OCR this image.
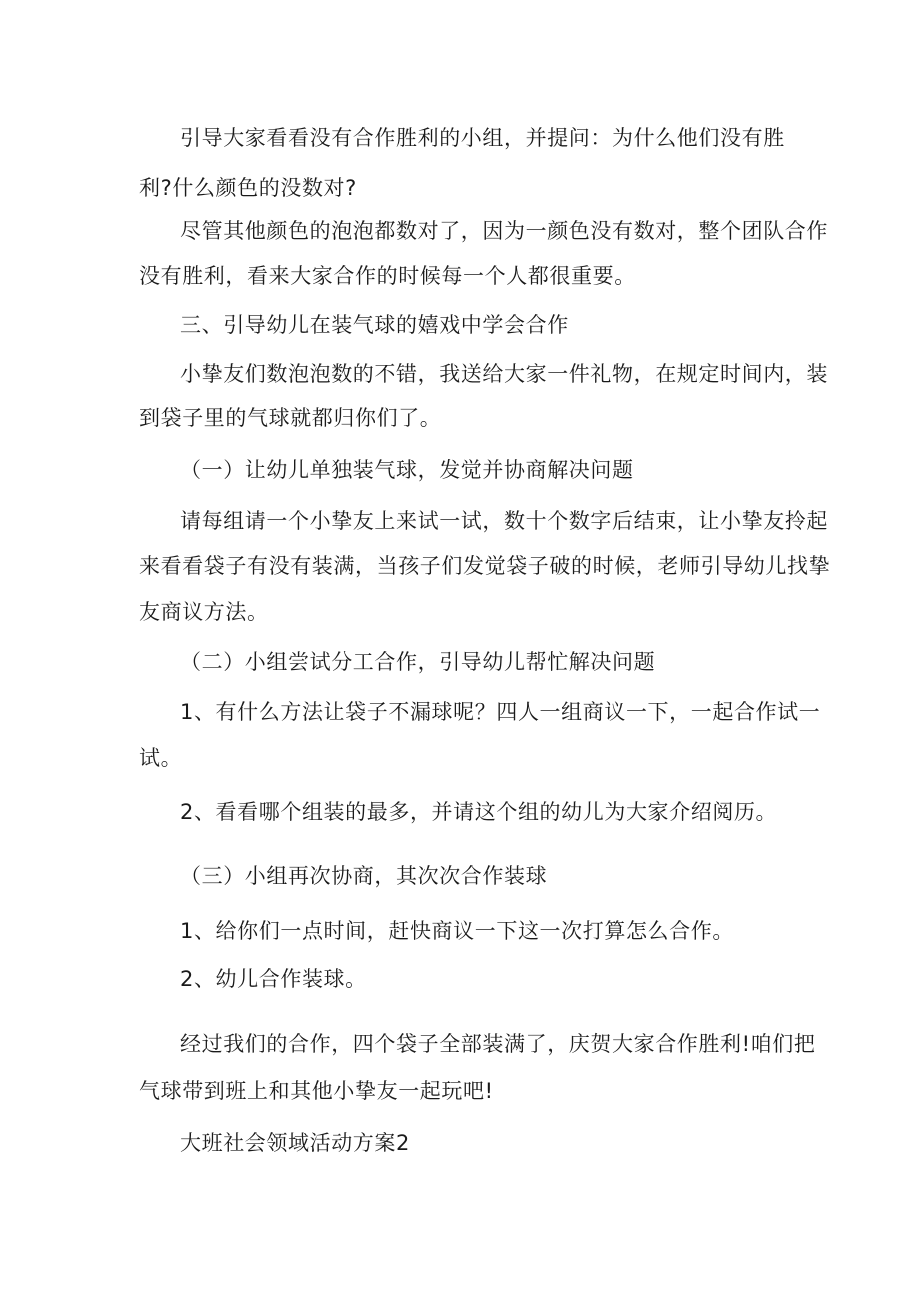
引导大家看看没有合作胜利的小组，并提问：为什么他们没有胜
利?什么颜色的没数对?
尽管其他颜色的泡泡都数对了，因为一颜色没有数对，整个团队合作
没有胜利，看来大家合作的时候每一个人都很重要。
三、引导幼儿在装气球的嬉戏中学会合作
小挚友们数泡泡数的不错，我送给大家一件礼物，在规定时间内，装
到袋子里的气球就都归你们了。
（一）让幼儿单独装气球，发觉并协商解决问题
请每组请一个小挚友上来试一试，数十个数字后结束，让小挚友拎起
来看看袋子有没有装满，当孩子们发觉袋子破的时候，老师引导幼儿找挚
友商议方法。
（二）小组尝试分工合作，引导幼儿帮忙解决问题
1、有什么方法让袋子不漏球呢？四人一组商议一下，一起合作试一
试。
2、看看哪个组装的最多，并请这个组的幼儿为大家介绍阅历。
（三）小组再次协商，其次次合作装球
1、给你们一点时间，赶快商议一下这一次打算怎么合作。
2、幼儿合作装球。
经过我们的合作，四个袋子全部装满了，庆贺大家合作胜利!咱们把
气球带到班上和其他小挚友一起玩吧!
大班社会领域活动方案2
